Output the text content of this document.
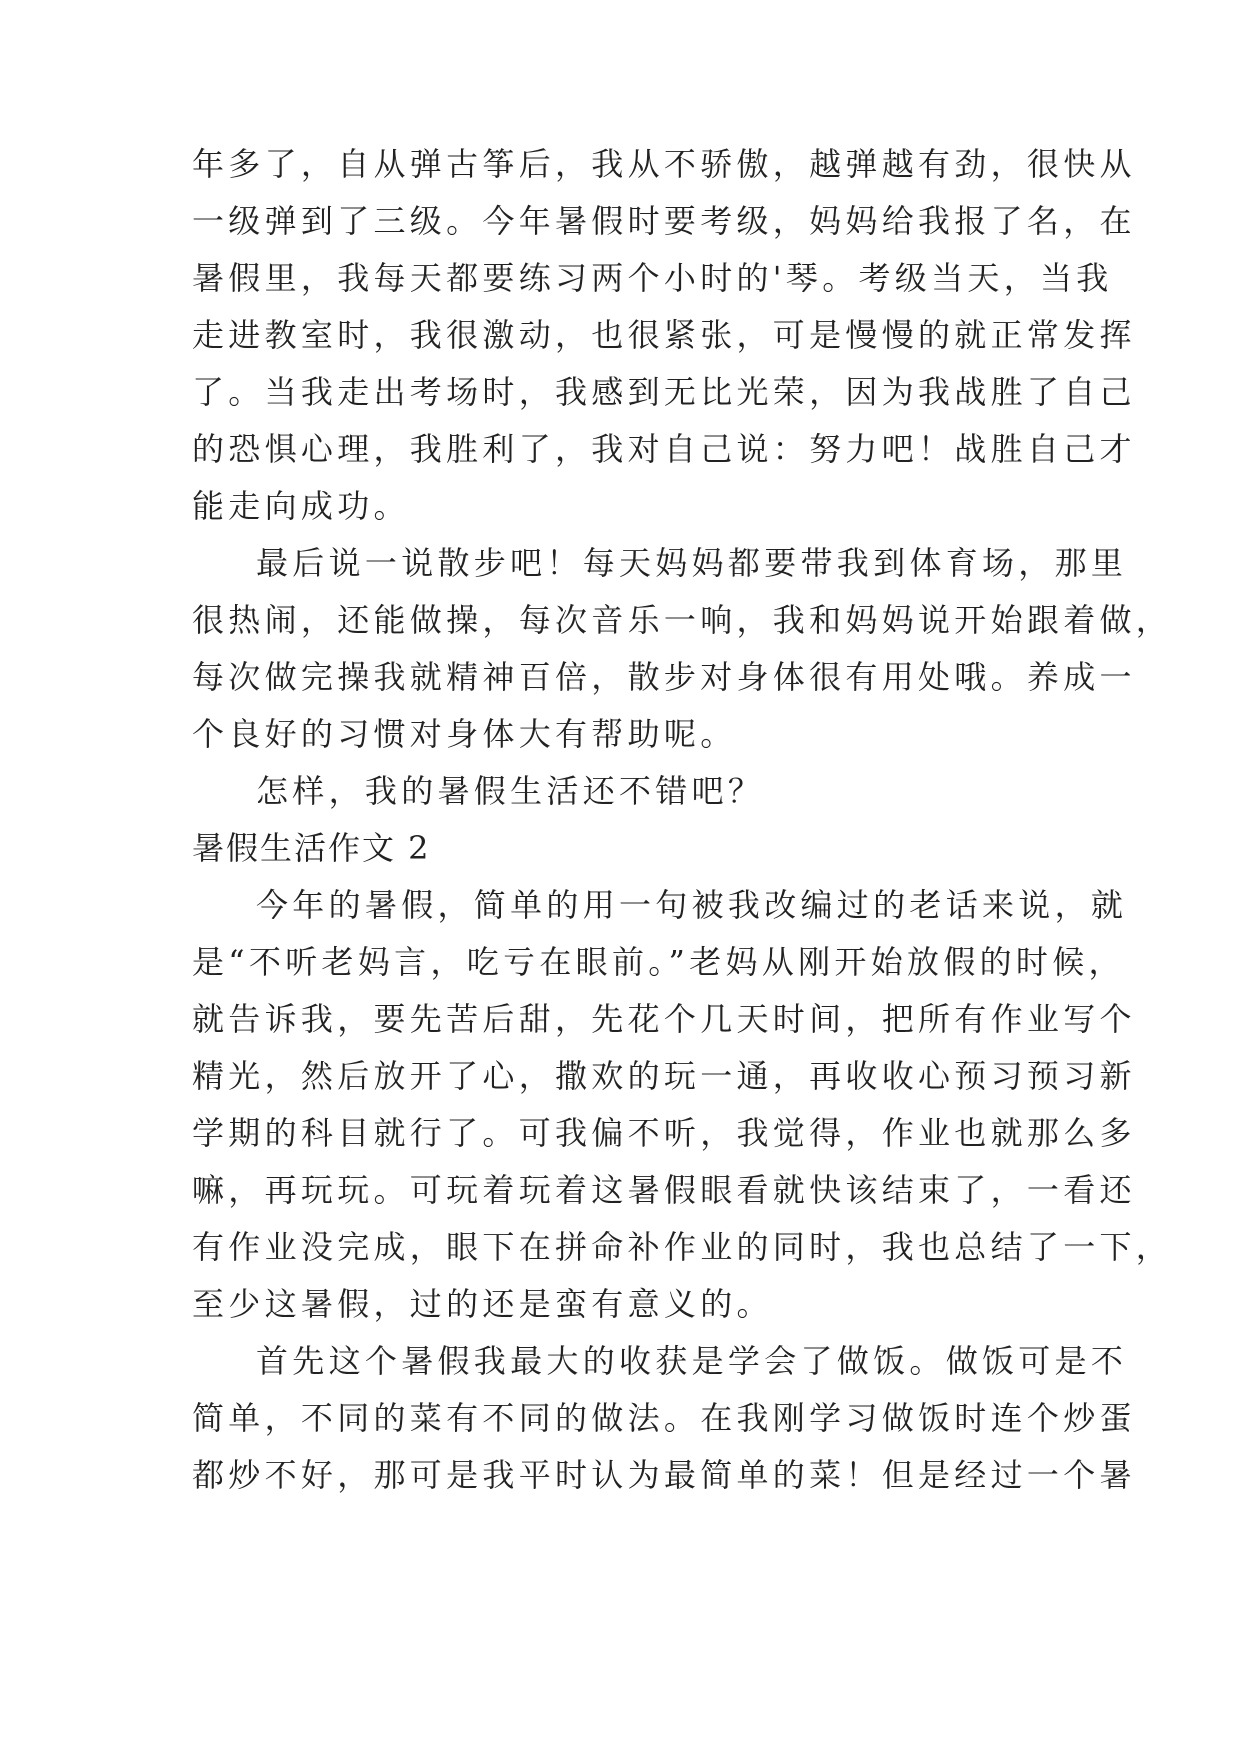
年多了，自从弹古筝后，我从不骄傲，越弹越有劲，很快从

一级弹到了三级。今年暑假时要考级，妈妈给我报了名，在

暑假里，我每天都要练习两个小时的'琴。考级当天，当我

走进教室时，我很激动，也很紧张，可是慢慢的就正常发挥

了。当我走出考场时，我感到无比光荣，因为我战胜了自己

的恐惧心理，我胜利了，我对自己说：努力吧！战胜自己才

能走向成功。

最后说一说散步吧！每天妈妈都要带我到体育场，那里

很热闹，还能做操，每次音乐一响，我和妈妈说开始跟着做，

每次做完操我就精神百倍，散步对身体很有用处哦。养成一

个良好的习惯对身体大有帮助呢。

怎样，我的暑假生活还不错吧？

暑假生活作文 2

今年的暑假，简单的用一句被我改编过的老话来说，就

是“不听老妈言，吃亏在眼前。”老妈从刚开始放假的时候，

就告诉我，要先苦后甜，先花个几天时间，把所有作业写个

精光，然后放开了心，撒欢的玩一通，再收收心预习预习新

学期的科目就行了。可我偏不听，我觉得，作业也就那么多

嘛，再玩玩。可玩着玩着这暑假眼看就快该结束了，一看还

有作业没完成，眼下在拼命补作业的同时，我也总结了一下，

至少这暑假，过的还是蛮有意义的。

首先这个暑假我最大的收获是学会了做饭。做饭可是不

简单，不同的菜有不同的做法。在我刚学习做饭时连个炒蛋

都炒不好，那可是我平时认为最简单的菜！但是经过一个暑
